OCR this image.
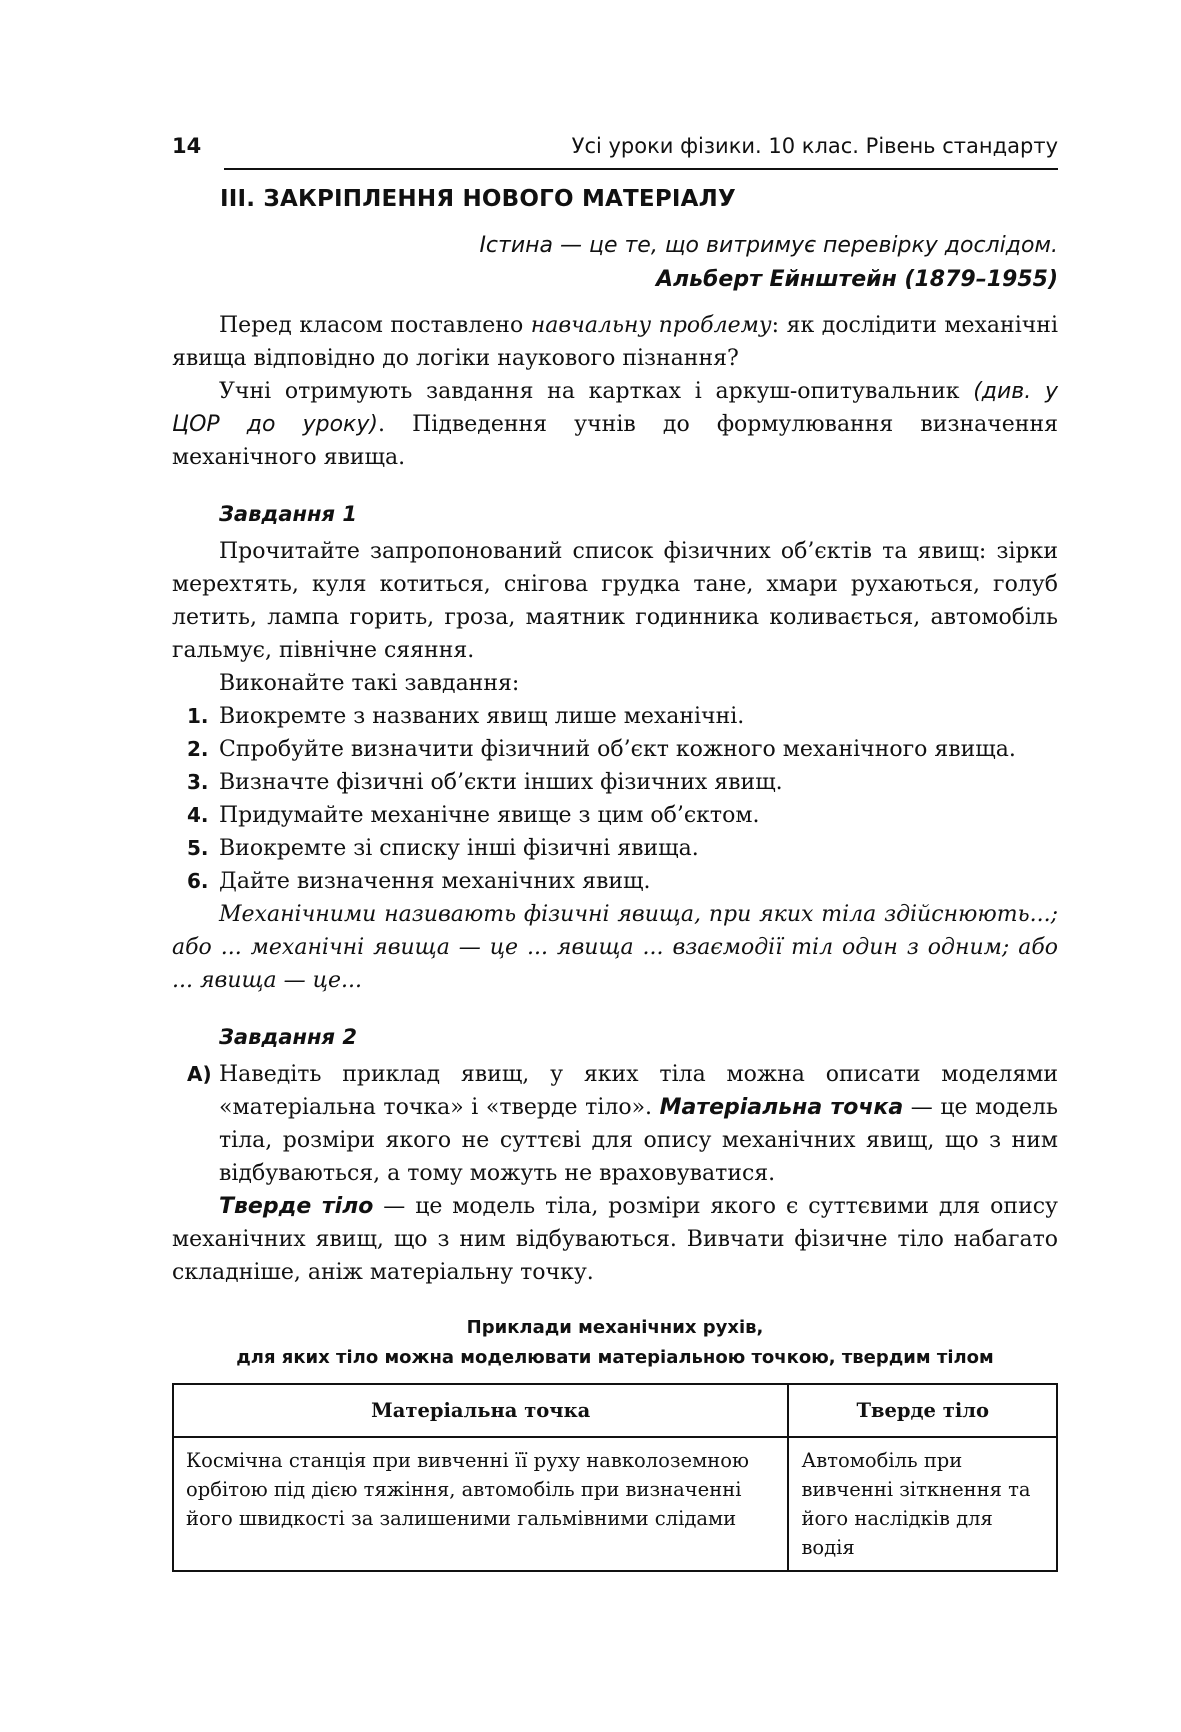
14	Усі уроки фізики. 10 клас. Рівень стандарту
ІІІ. ЗАКРІПЛЕННЯ НОВОГО МАТЕРІАЛУ
Істина — це те, що витримує перевірку дослідом.
Альберт Ейнштейн (1879–1955)

Перед класом поставлено навчальну проблему: як дослідити механічні явища відповідно до логіки наукового пізнання?

Учні отримують завдання на картках і аркуш-опитувальник (див. у ЦОР до уроку). Підведення учнів до формулювання визначення механічного явища.

Завдання 1

Прочитайте запропонований список фізичних об’єктів та явищ: зірки мерехтять, куля котиться, снігова грудка тане, хмари рухаються, голуб летить, лампа горить, гроза, маятник годинника коливається, автомобіль гальмує, північне сяяння.

Виконайте такі завдання:

1. Виокремте з названих явищ лише механічні.
2. Спробуйте визначити фізичний об’єкт кожного механічного явища.
3. Визначте фізичні об’єкти інших фізичних явищ.
4. Придумайте механічне явище з цим об’єктом.
5. Виокремте зі списку інші фізичні явища.
6. Дайте визначення механічних явищ.

Механічними називають фізичні явища, при яких тіла здійснюють...; або ... механічні явища — це ... явища ... взаємодії тіл один з одним; або ... явища — це...

Завдання 2
А) Наведіть приклад явищ, у яких тіла можна описати моделями «матеріальна точка» і «тверде тіло». Матеріальна точка — це модель тіла, розміри якого не суттєві для опису механічних явищ, що з ним відбуваються, а тому можуть не враховуватися.

Тверде тіло — це модель тіла, розміри якого є суттєвими для опису механічних явищ, що з ним відбуваються. Вивчати фізичне тіло набагато складніше, аніж матеріальну точку.

Приклади механічних рухів,
для яких тіло можна моделювати матеріальною точкою, твердим тілом
Матеріальна точка	Тверде тіло
Космічна станція при вивченні її руху навколоземною орбітою під дією тяжіння, автомобіль при визначенні його швидкості за залишеними гальмівними слідами	Автомобіль при вивченні зіткнення та його наслідків для водія
